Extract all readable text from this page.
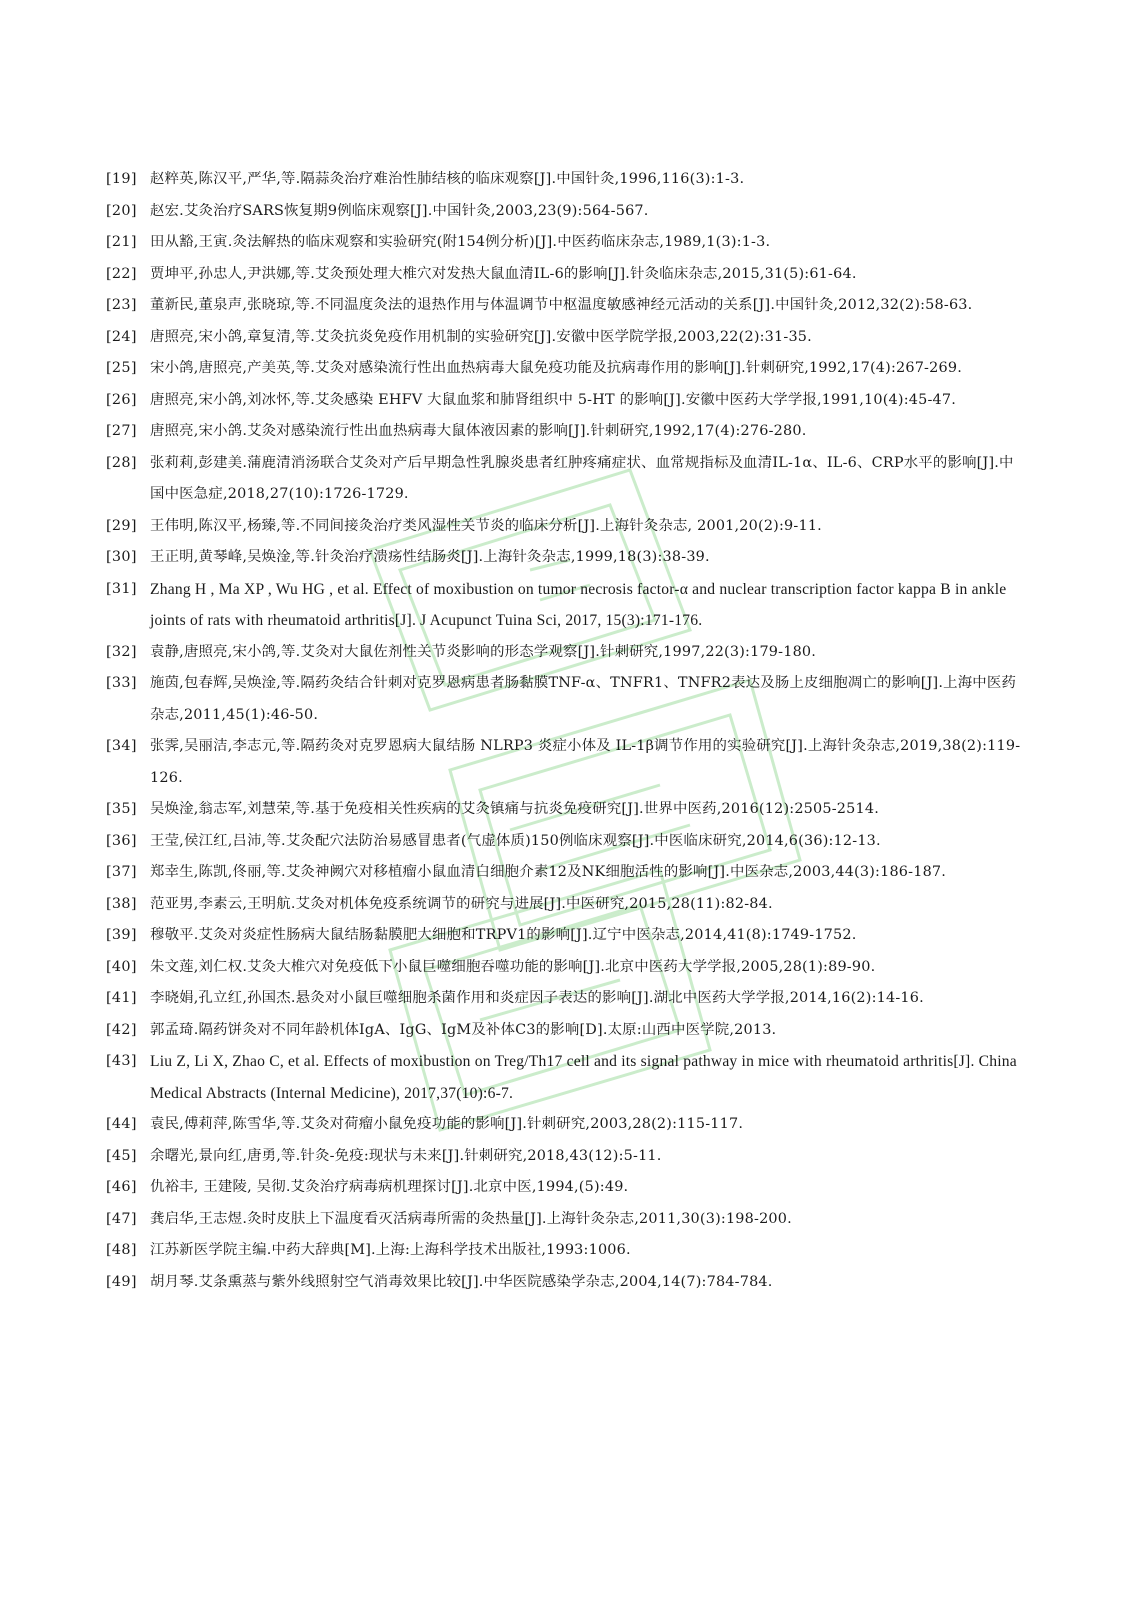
[19] 赵粹英,陈汉平,严华,等.隔蒜灸治疗难治性肺结核的临床观察[J].中国针灸,1996,116(3):1-3.
[20] 赵宏.艾灸治疗SARS恢复期9例临床观察[J].中国针灸,2003,23(9):564-567.
[21] 田从豁,王寅.灸法解热的临床观察和实验研究(附154例分析)[J].中医药临床杂志,1989,1(3):1-3.
[22] 贾坤平,孙忠人,尹洪娜,等.艾灸预处理大椎穴对发热大鼠血清IL-6的影响[J].针灸临床杂志,2015,31(5):61-64.
[23] 董新民,董泉声,张晓琼,等.不同温度灸法的退热作用与体温调节中枢温度敏感神经元活动的关系[J].中国针灸,2012,32(2):58-63.
[24] 唐照亮,宋小鸽,章复清,等.艾灸抗炎免疫作用机制的实验研究[J].安徽中医学院学报,2003,22(2):31-35.
[25] 宋小鸽,唐照亮,产美英,等.艾灸对感染流行性出血热病毒大鼠免疫功能及抗病毒作用的影响[J].针刺研究,1992,17(4):267-269.
[26] 唐照亮,宋小鸽,刘冰怀,等.艾灸感染 EHFV 大鼠血浆和肺肾组织中 5-HT 的影响[J].安徽中医药大学学报,1991,10(4):45-47.
[27] 唐照亮,宋小鸽.艾灸对感染流行性出血热病毒大鼠体液因素的影响[J].针刺研究,1992,17(4):276-280.
[28] 张莉莉,彭建美.蒲鹿清消汤联合艾灸对产后早期急性乳腺炎患者红肿疼痛症状、血常规指标及血清IL-1α、IL-6、CRP水平的影响[J].中国中医急症,2018,27(10):1726-1729.
[29] 王伟明,陈汉平,杨臻,等.不同间接灸治疗类风湿性关节炎的临床分析[J].上海针灸杂志, 2001,20(2):9-11.
[30] 王正明,黄琴峰,吴焕淦,等.针灸治疗溃疡性结肠炎[J].上海针灸杂志,1999,18(3):38-39.
[31] Zhang H , Ma XP , Wu HG , et al. Effect of moxibustion on tumor necrosis factor-α and nuclear transcription factor kappa B in ankle joints of rats with rheumatoid arthritis[J]. J Acupunct Tuina Sci, 2017, 15(3):171-176.
[32] 袁静,唐照亮,宋小鸽,等.艾灸对大鼠佐剂性关节炎影响的形态学观察[J].针刺研究,1997,22(3):179-180.
[33] 施茵,包春辉,吴焕淦,等.隔药灸结合针刺对克罗恩病患者肠黏膜TNF-α、TNFR1、TNFR2表达及肠上皮细胞凋亡的影响[J].上海中医药杂志,2011,45(1):46-50.
[34] 张霁,吴丽洁,李志元,等.隔药灸对克罗恩病大鼠结肠 NLRP3 炎症小体及 IL-1β调节作用的实验研究[J].上海针灸杂志,2019,38(2):119-126.
[35] 吴焕淦,翁志军,刘慧荣,等.基于免疫相关性疾病的艾灸镇痛与抗炎免疫研究[J].世界中医药,2016(12):2505-2514.
[36] 王莹,侯江红,吕沛,等.艾灸配穴法防治易感冒患者(气虚体质)150例临床观察[J].中医临床研究,2014,6(36):12-13.
[37] 郑幸生,陈凯,佟丽,等.艾灸神阙穴对移植瘤小鼠血清白细胞介素12及NK细胞活性的影响[J].中医杂志,2003,44(3):186-187.
[38] 范亚男,李素云,王明航.艾灸对机体免疫系统调节的研究与进展[J].中医研究,2015,28(11):82-84.
[39] 穆敬平.艾灸对炎症性肠病大鼠结肠黏膜肥大细胞和TRPV1的影响[J].辽宁中医杂志,2014,41(8):1749-1752.
[40] 朱文莲,刘仁权.艾灸大椎穴对免疫低下小鼠巨噬细胞吞噬功能的影响[J].北京中医药大学学报,2005,28(1):89-90.
[41] 李晓娟,孔立红,孙国杰.悬灸对小鼠巨噬细胞杀菌作用和炎症因子表达的影响[J].湖北中医药大学学报,2014,16(2):14-16.
[42] 郭孟琦.隔药饼灸对不同年龄机体IgA、IgG、IgM及补体C3的影响[D].太原:山西中医学院,2013.
[43] Liu Z, Li X, Zhao C, et al. Effects of moxibustion on Treg/Th17 cell and its signal pathway in mice with rheumatoid arthritis[J]. China Medical Abstracts (Internal Medicine), 2017,37(10):6-7.
[44] 袁民,傅莉萍,陈雪华,等.艾灸对荷瘤小鼠免疫功能的影响[J].针刺研究,2003,28(2):115-117.
[45] 余曙光,景向红,唐勇,等.针灸-免疫:现状与未来[J].针刺研究,2018,43(12):5-11.
[46] 仇裕丰, 王建陵, 吴彻.艾灸治疗病毒病机理探讨[J].北京中医,1994,(5):49.
[47] 龚启华,王志煜.灸时皮肤上下温度看灭活病毒所需的灸热量[J].上海针灸杂志,2011,30(3):198-200.
[48] 江苏新医学院主编.中药大辞典[M].上海:上海科学技术出版社,1993:1006.
[49] 胡月琴.艾条熏蒸与紫外线照射空气消毒效果比较[J].中华医院感染学杂志,2004,14(7):784-784.
